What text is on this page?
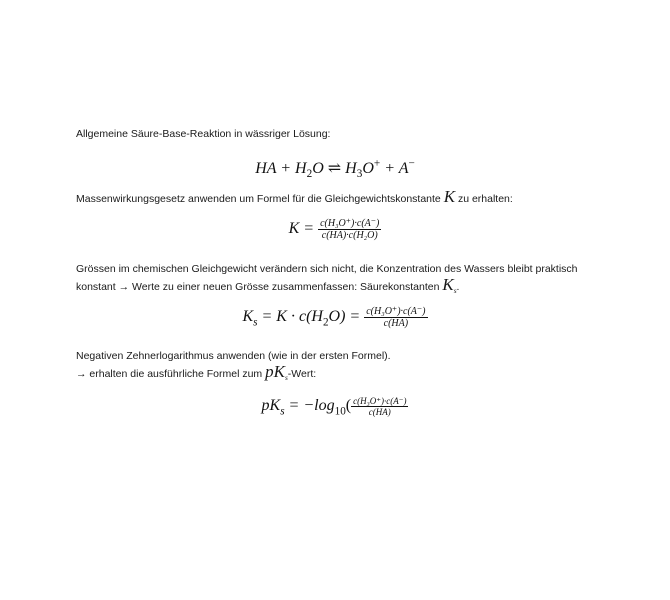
Allgemeine Säure-Base-Reaktion in wässriger Lösung:
HA + $H_2O$ ⇌ $H_3O^+ + A^-$
Massenwirkungsgesetz anwenden um Formel für die Gleichgewichtskonstante K zu erhalten:
$K = \frac{\text{c(H₃O⁺)·c(A⁻)}}{\text{c(HA)·c(H₂O)}}$
Grössen im chemischen Gleichgewicht verändern sich nicht, die Konzentration des Wassers bleibt praktisch
konstant → Werte zu einer neuen Grösse zusammenfassen: Säurekonstanten $K_s$.
$K_s = K \cdot c(H_2O) = \frac{\text{c(H₃O⁺)·c(A⁻)}}{c(HA)}$
Negativen Zehnerlogarithmus anwenden (wie in der ersten Formel).
→ erhalten die ausführliche Formel zum $pK_s$-Wert:
$pK_s = -\log_{10}( \frac{\text{c(H₃O⁺)·c(A⁻)}}{c(HA)}$
